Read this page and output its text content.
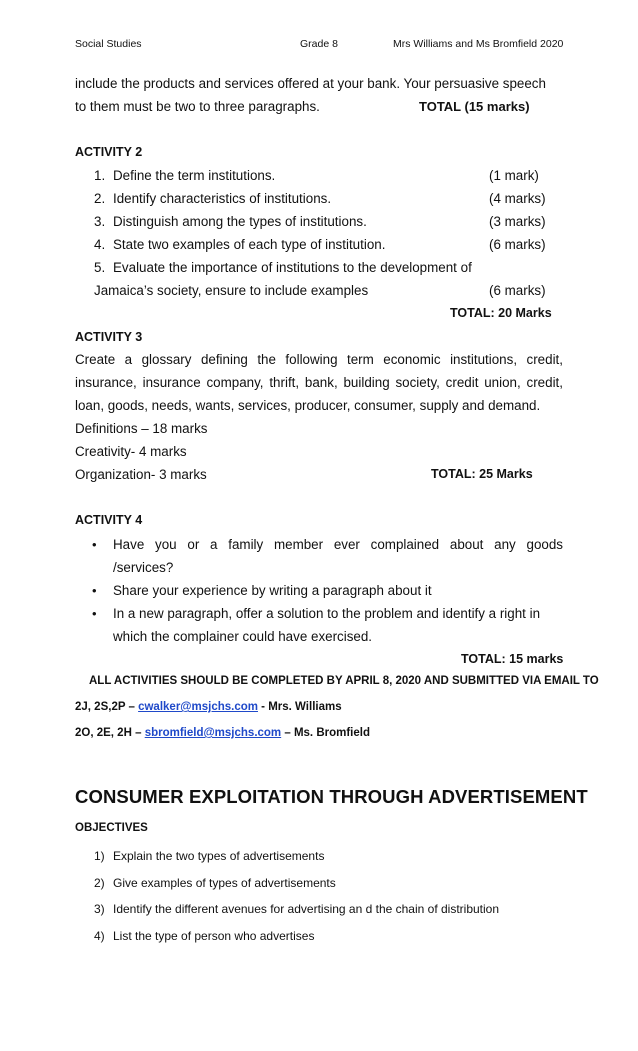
Social Studies	Grade 8	Mrs Williams and Ms Bromfield 2020
include the products and services offered at your bank. Your persuasive speech
to them must be two to three paragraphs.	TOTAL (15 marks)
ACTIVITY 2
1. Define the term institutions.	(1 mark)
2. Identify characteristics of institutions.	(4 marks)
3. Distinguish among the types of institutions.	(3 marks)
4. State two examples of each type of institution.	(6 marks)
5. Evaluate the importance of institutions to the development of
Jamaica’s society, ensure to include examples	(6 marks)
TOTAL: 20 Marks
ACTIVITY 3
Create a glossary defining the following term economic institutions, credit,
insurance, insurance company, thrift, bank, building society, credit union, credit,
loan, goods, needs, wants, services, producer, consumer, supply and demand.
Definitions – 18 marks
Creativity- 4 marks
Organization- 3 marks	TOTAL: 25 Marks
ACTIVITY 4
• Have you or a family member ever complained about any goods
/services?
• Share your experience by writing a paragraph about it
• In a new paragraph, offer a solution to the problem and identify a right in
which the complainer could have exercised.
TOTAL: 15 marks
ALL ACTIVITIES SHOULD BE COMPLETED BY APRIL 8, 2020 AND SUBMITTED VIA EMAIL TO
2J, 2S,2P – cwalker@msjchs.com - Mrs. Williams
2O, 2E, 2H – sbromfield@msjchs.com – Ms. Bromfield
CONSUMER EXPLOITATION THROUGH ADVERTISEMENT
OBJECTIVES
1) Explain the two types of advertisements
2) Give examples of types of advertisements
3) Identify the different avenues for advertising an d the chain of distribution
4) List the type of person who advertises
